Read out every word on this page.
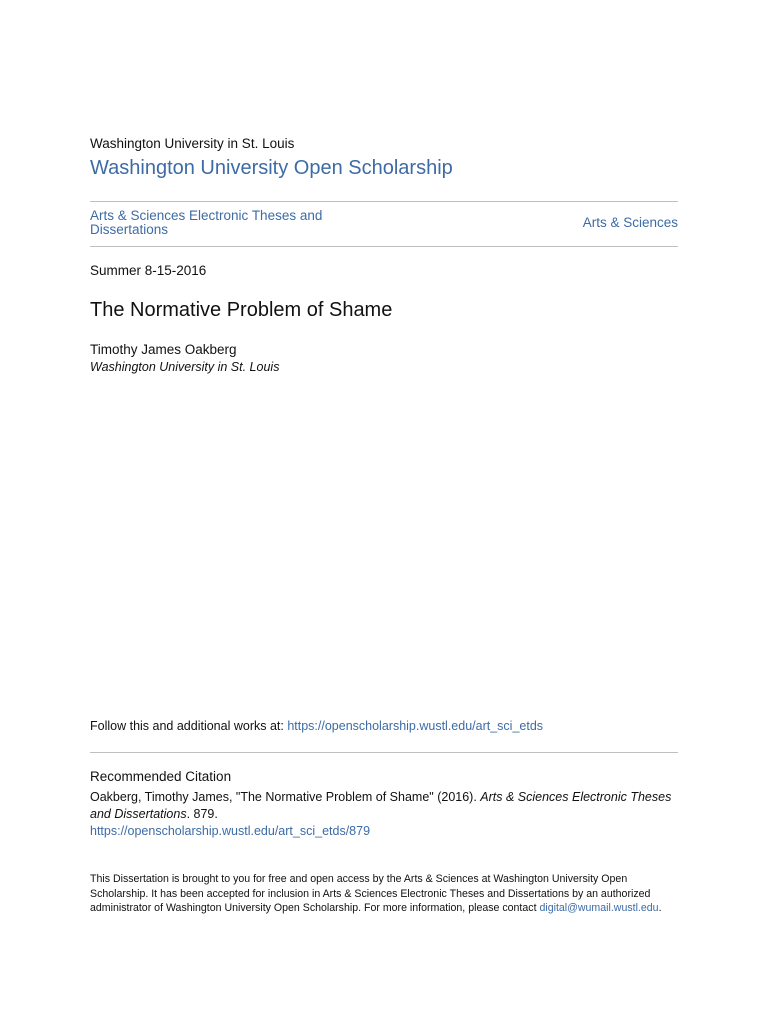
Washington University in St. Louis
Washington University Open Scholarship
Arts & Sciences Electronic Theses and Dissertations	Arts & Sciences
Summer 8-15-2016
The Normative Problem of Shame
Timothy James Oakberg
Washington University in St. Louis
Follow this and additional works at: https://openscholarship.wustl.edu/art_sci_etds
Recommended Citation
Oakberg, Timothy James, "The Normative Problem of Shame" (2016). Arts & Sciences Electronic Theses and Dissertations. 879.
https://openscholarship.wustl.edu/art_sci_etds/879
This Dissertation is brought to you for free and open access by the Arts & Sciences at Washington University Open Scholarship. It has been accepted for inclusion in Arts & Sciences Electronic Theses and Dissertations by an authorized administrator of Washington University Open Scholarship. For more information, please contact digital@wumail.wustl.edu.
